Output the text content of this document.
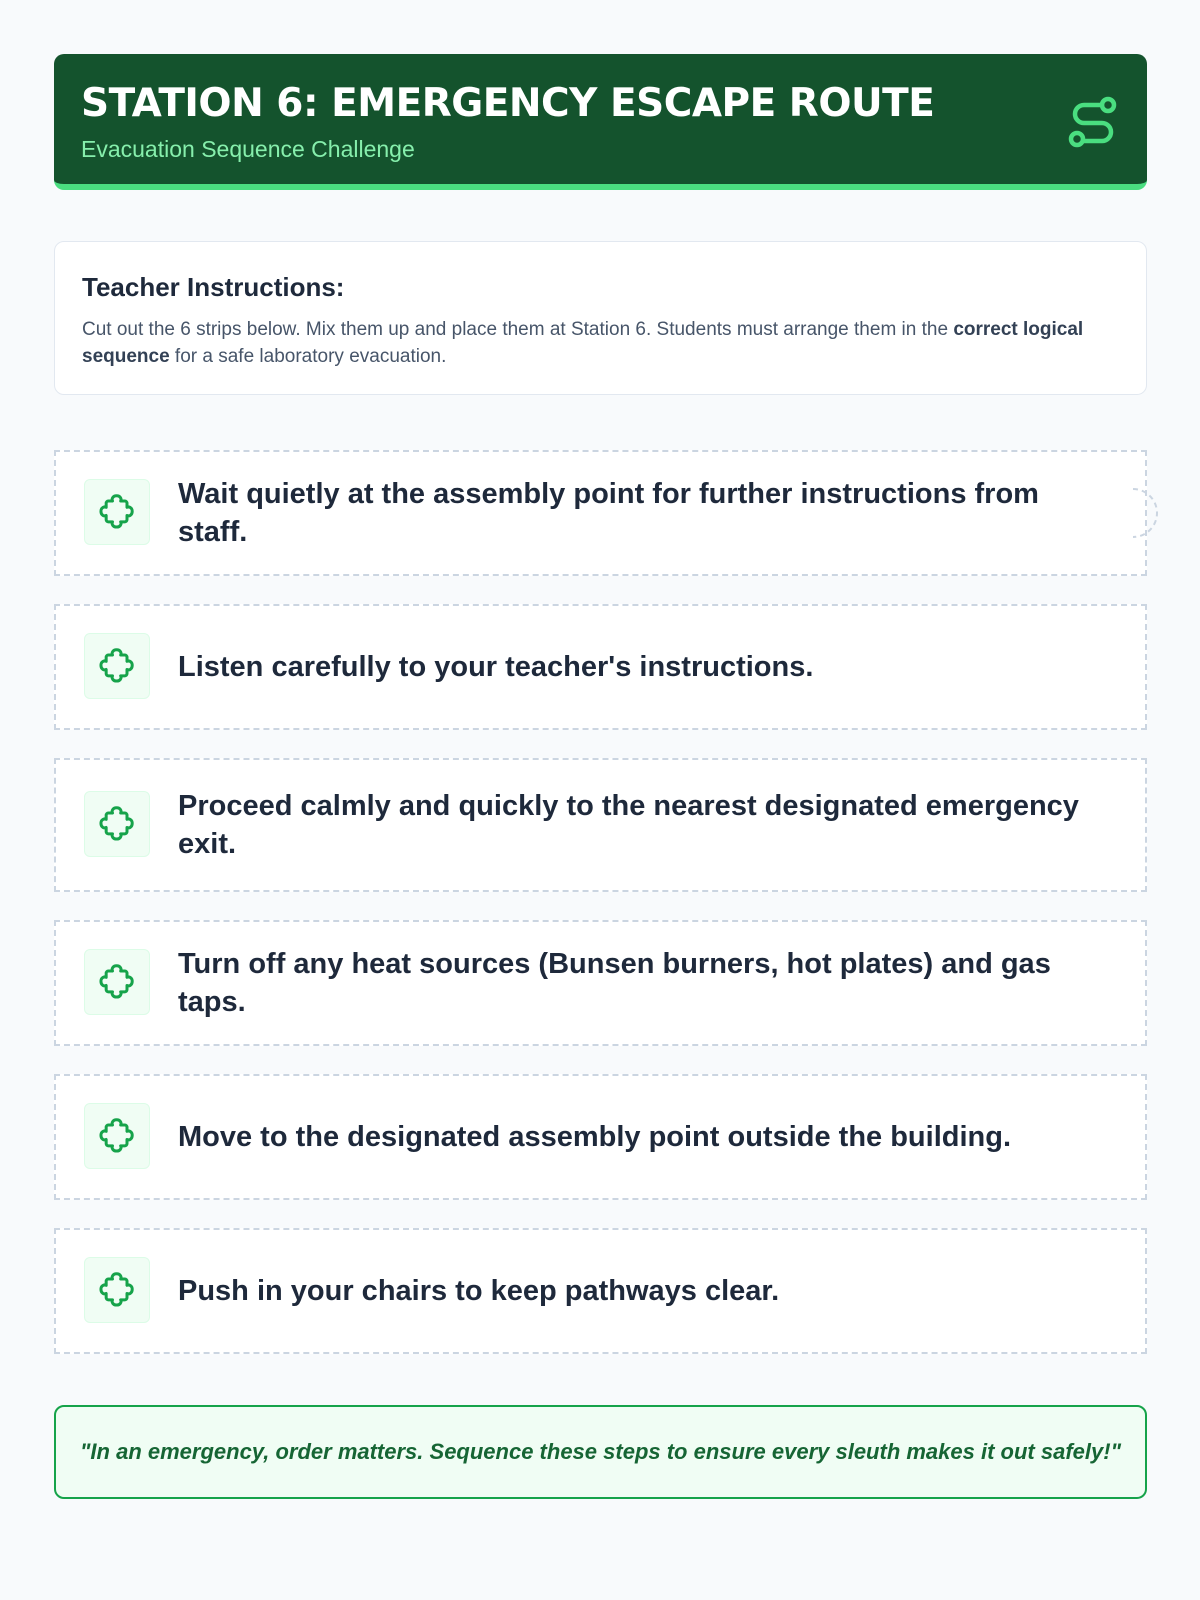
STATION 6: EMERGENCY ESCAPE ROUTE
Evacuation Sequence Challenge
Teacher Instructions:
Cut out the 6 strips below. Mix them up and place them at Station 6. Students must arrange them in the correct logical sequence for a safe laboratory evacuation.
Wait quietly at the assembly point for further instructions from staff.
Listen carefully to your teacher's instructions.
Proceed calmly and quickly to the nearest designated emergency exit.
Turn off any heat sources (Bunsen burners, hot plates) and gas taps.
Move to the designated assembly point outside the building.
Push in your chairs to keep pathways clear.
"In an emergency, order matters. Sequence these steps to ensure every sleuth makes it out safely!"
